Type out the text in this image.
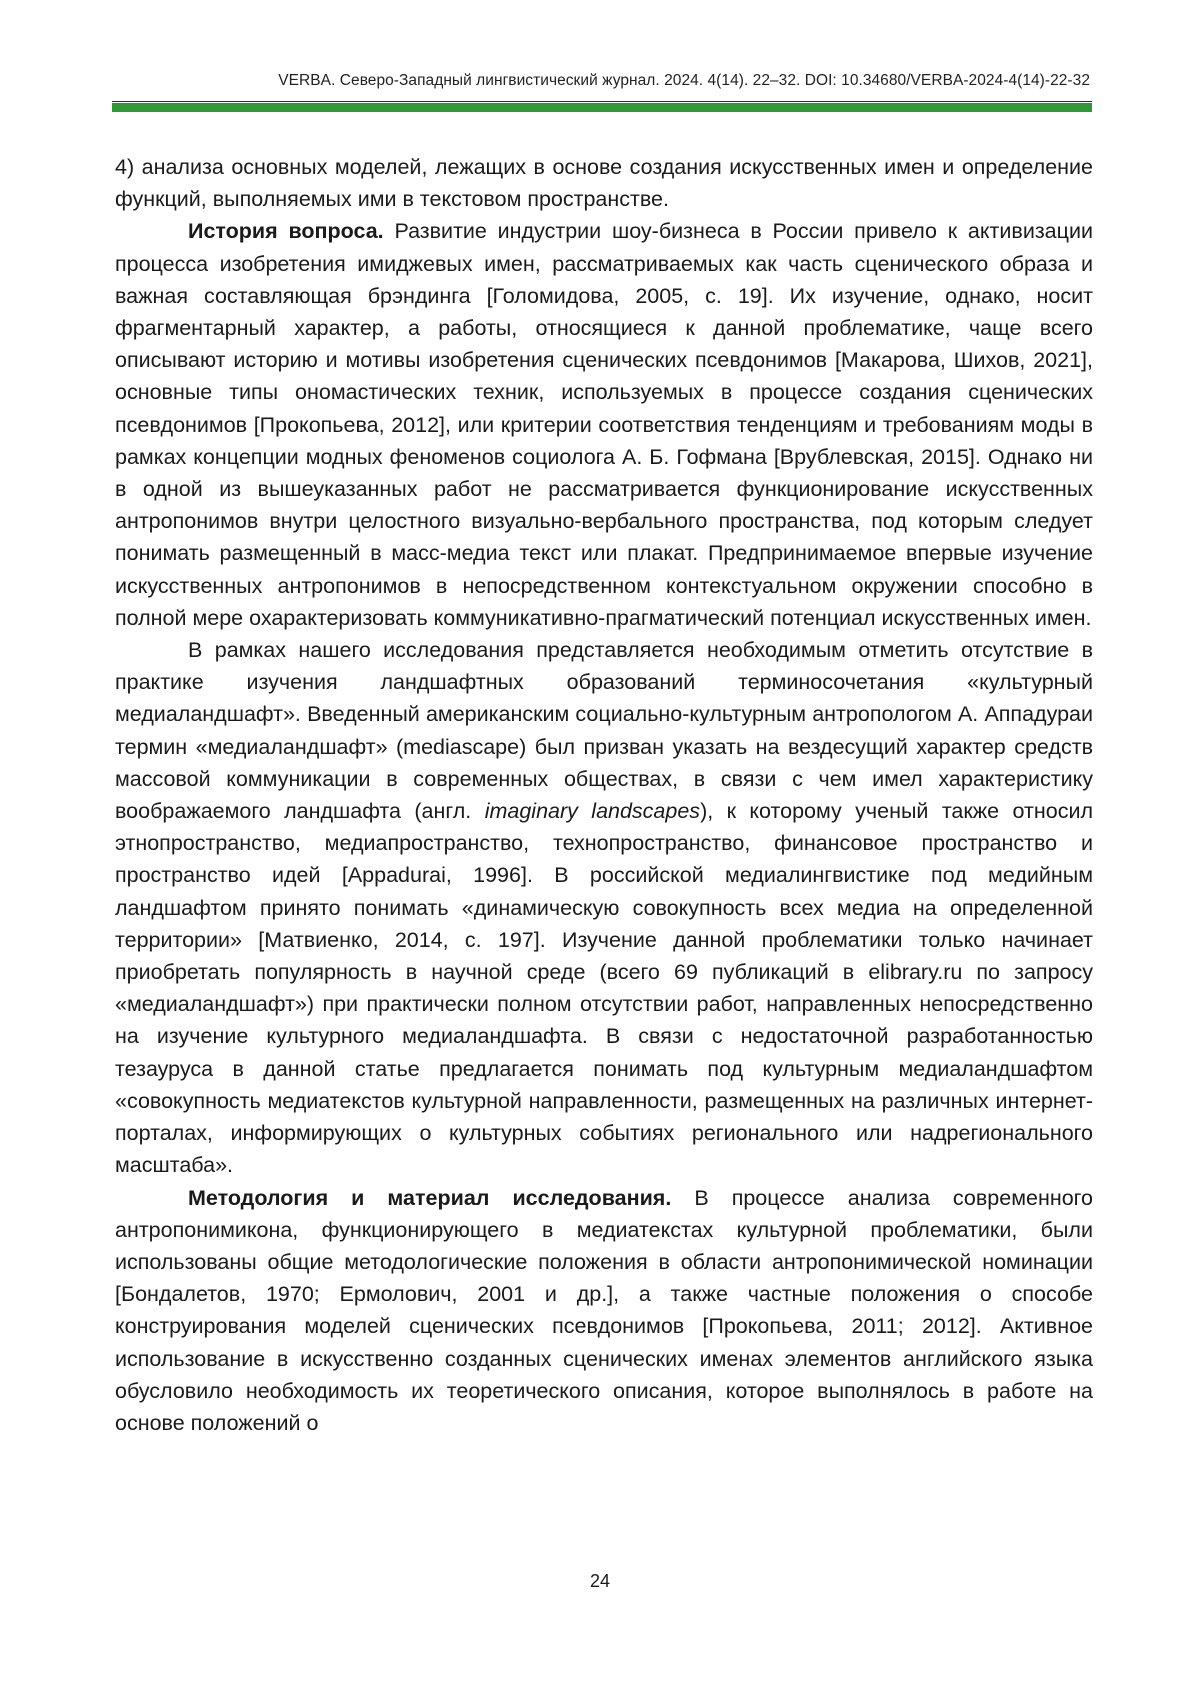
VERBA. Северо-Западный лингвистический журнал. 2024. 4(14). 22–32. DOI: 10.34680/VERBA-2024-4(14)-22-32

4) анализа основных моделей, лежащих в основе создания искусственных имен и определение функций, выполняемых ими в текстовом пространстве.

История вопроса. Развитие индустрии шоу-бизнеса в России привело к активизации процесса изобретения имиджевых имен, рассматриваемых как часть сценического образа и важная составляющая брэндинга [Голомидова, 2005, с. 19]. Их изучение, однако, носит фрагментарный характер, а работы, относящиеся к данной проблематике, чаще всего описывают историю и мотивы изобретения сценических псевдонимов [Макарова, Шихов, 2021], основные типы ономастических техник, используемых в процессе создания сценических псевдонимов [Прокопьева, 2012], или критерии соответствия тенденциям и требованиям моды в рамках концепции модных феноменов социолога А. Б. Гофмана [Врублевская, 2015]. Однако ни в одной из вышеуказанных работ не рассматривается функционирование искусственных антропонимов внутри целостного визуально-вербального пространства, под которым следует понимать размещенный в масс-медиа текст или плакат. Предпринимаемое впервые изучение искусственных антропонимов в непосредственном контекстуальном окружении способно в полной мере охарактеризовать коммуникативно-прагматический потенциал искусственных имен.

В рамках нашего исследования представляется необходимым отметить отсутствие в практике изучения ландшафтных образований терминосочетания «культурный медиаландшафт». Введенный американским социально-культурным антропологом А. Аппадураи термин «медиаландшафт» (mediascape) был призван указать на вездесущий характер средств массовой коммуникации в современных обществах, в связи с чем имел характеристику воображаемого ландшафта (англ. imaginary landscapes), к которому ученый также относил этнопространство, медиапространство, технопространство, финансовое пространство и пространство идей [Appadurai, 1996]. В российской медиалингвистике под медийным ландшафтом принято понимать «динамическую совокупность всех медиа на определенной территории» [Матвиенко, 2014, с. 197]. Изучение данной проблематики только начинает приобретать популярность в научной среде (всего 69 публикаций в elibrary.ru по запросу «медиаландшафт») при практически полном отсутствии работ, направленных непосредственно на изучение культурного медиаландшафта. В связи с недостаточной разработанностью тезауруса в данной статье предлагается понимать под культурным медиаландшафтом «совокупность медиатекстов культурной направленности, размещенных на различных интернет-порталах, информирующих о культурных событиях регионального или надрегионального масштаба».

Методология и материал исследования. В процессе анализа современного антропонимикона, функционирующего в медиатекстах культурной проблематики, были использованы общие методологические положения в области антропонимической номинации [Бондалетов, 1970; Ермолович, 2001 и др.], а также частные положения о способе конструирования моделей сценических псевдонимов [Прокопьева, 2011; 2012]. Активное использование в искусственно созданных сценических именах элементов английского языка обусловило необходимость их теоретического описания, которое выполнялось в работе на основе положений о

24
